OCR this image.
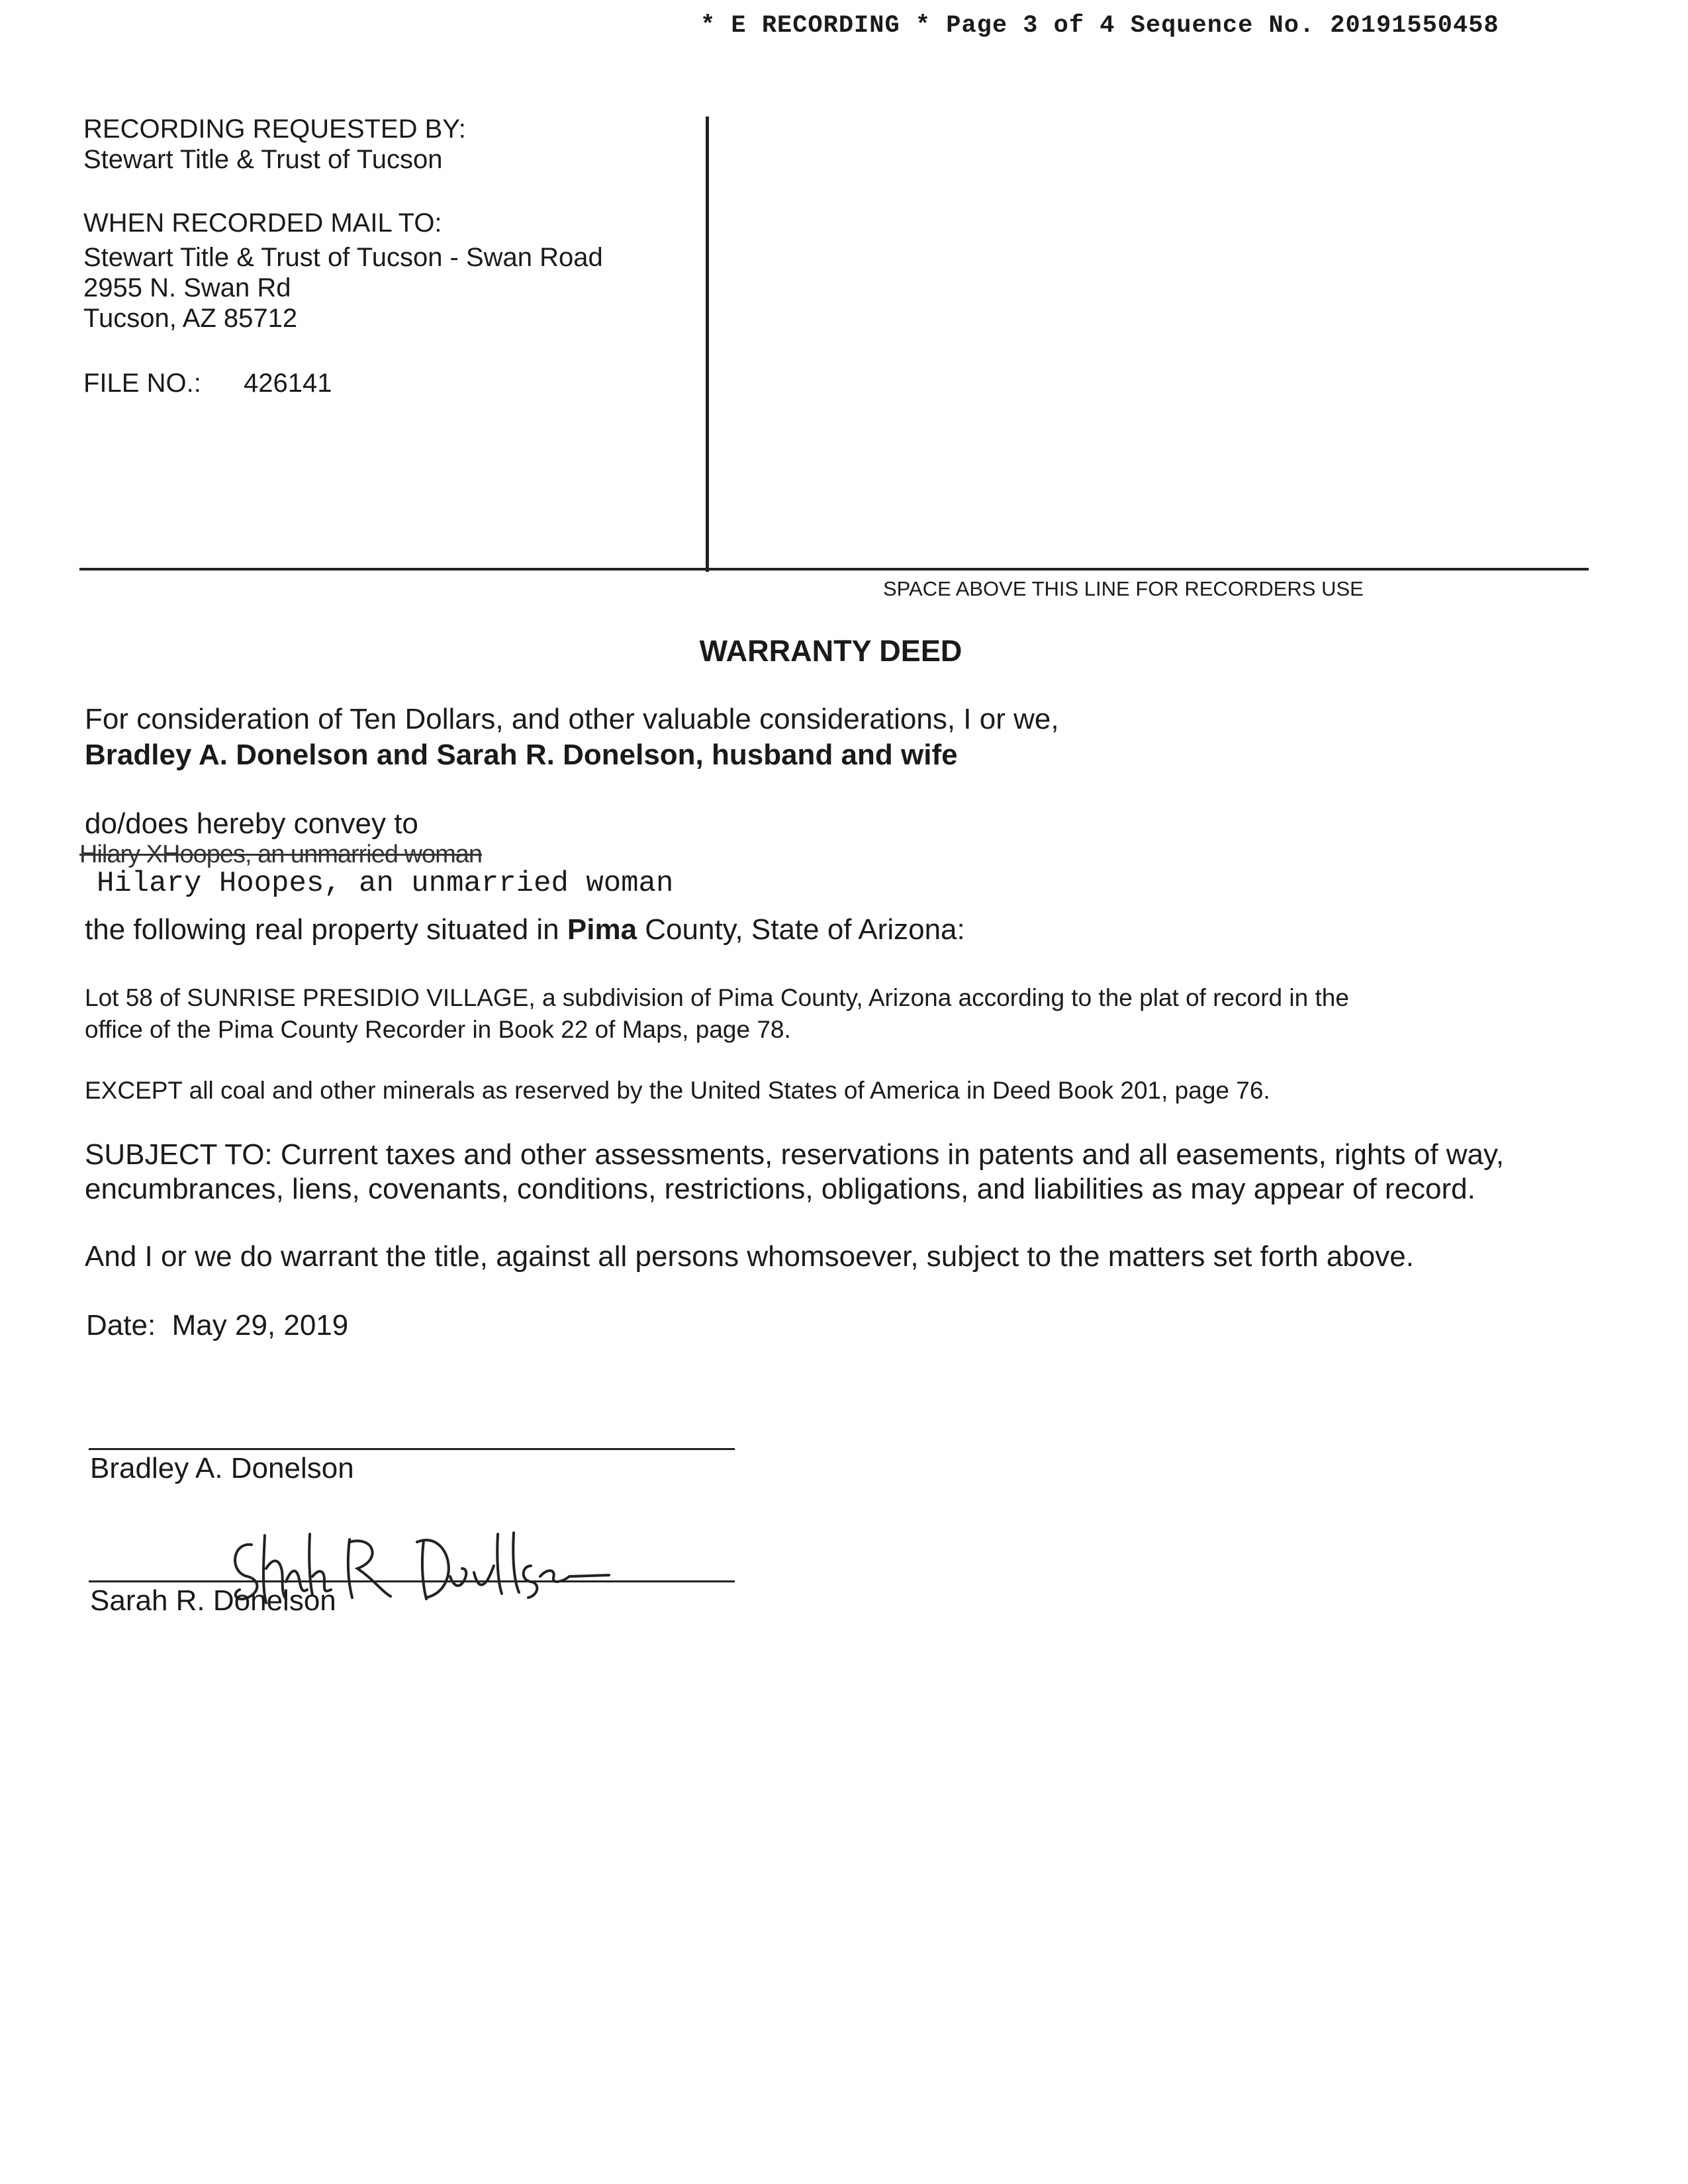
* E RECORDING * Page 3 of 4 Sequence No. 20191550458
RECORDING REQUESTED BY:
Stewart Title & Trust of Tucson
WHEN RECORDED MAIL TO:
Stewart Title & Trust of Tucson - Swan Road
2955 N. Swan Rd
Tucson, AZ 85712
FILE NO.: 426141
SPACE ABOVE THIS LINE FOR RECORDERS USE
WARRANTY DEED
For consideration of Ten Dollars, and other valuable considerations, I or we,
Bradley A. Donelson and Sarah R. Donelson, husband and wife
do/does hereby convey to
Hilary XHoopes, an unmarried woman
Hilary Hoopes, an unmarried woman
the following real property situated in Pima County, State of Arizona:
Lot 58 of SUNRISE PRESIDIO VILLAGE, a subdivision of Pima County, Arizona according to the plat of record in the
office of the Pima County Recorder in Book 22 of Maps, page 78.
EXCEPT all coal and other minerals as reserved by the United States of America in Deed Book 201, page 76.
SUBJECT TO: Current taxes and other assessments, reservations in patents and all easements, rights of way,
encumbrances, liens, covenants, conditions, restrictions, obligations, and liabilities as may appear of record.
And I or we do warrant the title, against all persons whomsoever, subject to the matters set forth above.
Date: May 29, 2019
Bradley A. Donelson
Sarah R Donelson
Sarah R. Donelson
